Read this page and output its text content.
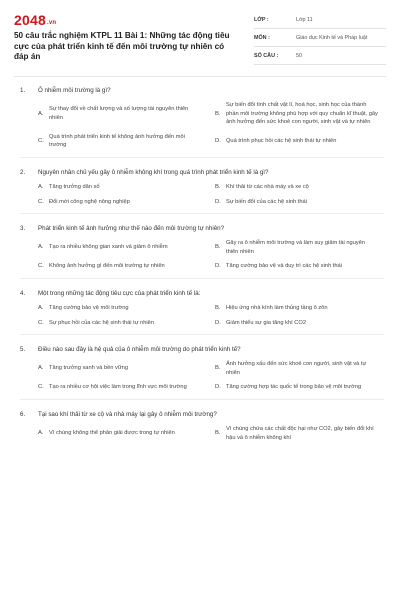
2048.vn
50 câu trắc nghiệm KTPL 11 Bài 1: Những tác động tiêu cực của phát triển kinh tế đến môi trường tự nhiên có đáp án
LỚP :	Lớp 11
MÔN :	Giáo dục Kinh tế và Pháp luật
SỐ CÂU :	50
1.	Ô nhiễm môi trường là gì?
A.
Sự thay đổi về chất lượng và số lượng tài nguyên thiên nhiên
B.
Sự biến đổi tính chất vật lí, hoá học, sinh học của thành phần môi trường không phù hợp với quy chuẩn kĩ thuật, gây ảnh hưởng đến sức khoẻ con người, sinh vật và tự nhiên
C.
Quá trình phát triển kinh tế không ảnh hưởng đến môi trường
D. Quá trình phục hồi các hệ sinh thái tự nhiên
2.	Nguyên nhân chủ yếu gây ô nhiễm không khí trong quá trình phát triển kinh tế là gì?
A. Tăng trưởng dân số	B. Khí thải từ các nhà máy và xe cộ
C. Đổi mới công nghệ nông nghiệp	D. Sự biến đổi của các hệ sinh thái
3.	Phát triển kinh tế ảnh hưởng như thế nào đến môi trường tự nhiên?
A. Tạo ra nhiều không gian xanh và giảm ô nhiễm	B.
Gây ra ô nhiễm môi trường và làm suy giảm tài nguyên thiên nhiên
C. Không ảnh hưởng gì đến môi trường tự nhiên	D. Tăng cường bảo vệ và duy trì các hệ sinh thái
4.	Một trong những tác động tiêu cực của phát triển kinh tế là:
A. Tăng cường bảo vệ môi trường	B. Hiệu ứng nhà kính làm thủng tầng ô zôn
C. Sự phục hồi của các hệ sinh thái tự nhiên	D. Giảm thiểu sự gia tăng khí CO2
5.	Điều nào sau đây là hệ quả của ô nhiễm môi trường do phát triển kinh tế?
A. Tăng trưởng xanh và bền vững	B.
Ảnh hưởng xấu đến sức khoẻ con người, sinh vật và tự nhiên
C. Tạo ra nhiều cơ hội việc làm trong lĩnh vực môi trường	D. Tăng cường hợp tác quốc tế trong bảo vệ môi trường
6.	Tại sao khí thải từ xe cộ và nhà máy lại gây ô nhiễm môi trường?
A. Vì chúng không thể phân giải được trong tự nhiên	B.
Vì chúng chứa các chất độc hại như CO2, gây biến đổi khí hậu và ô nhiễm không khí
